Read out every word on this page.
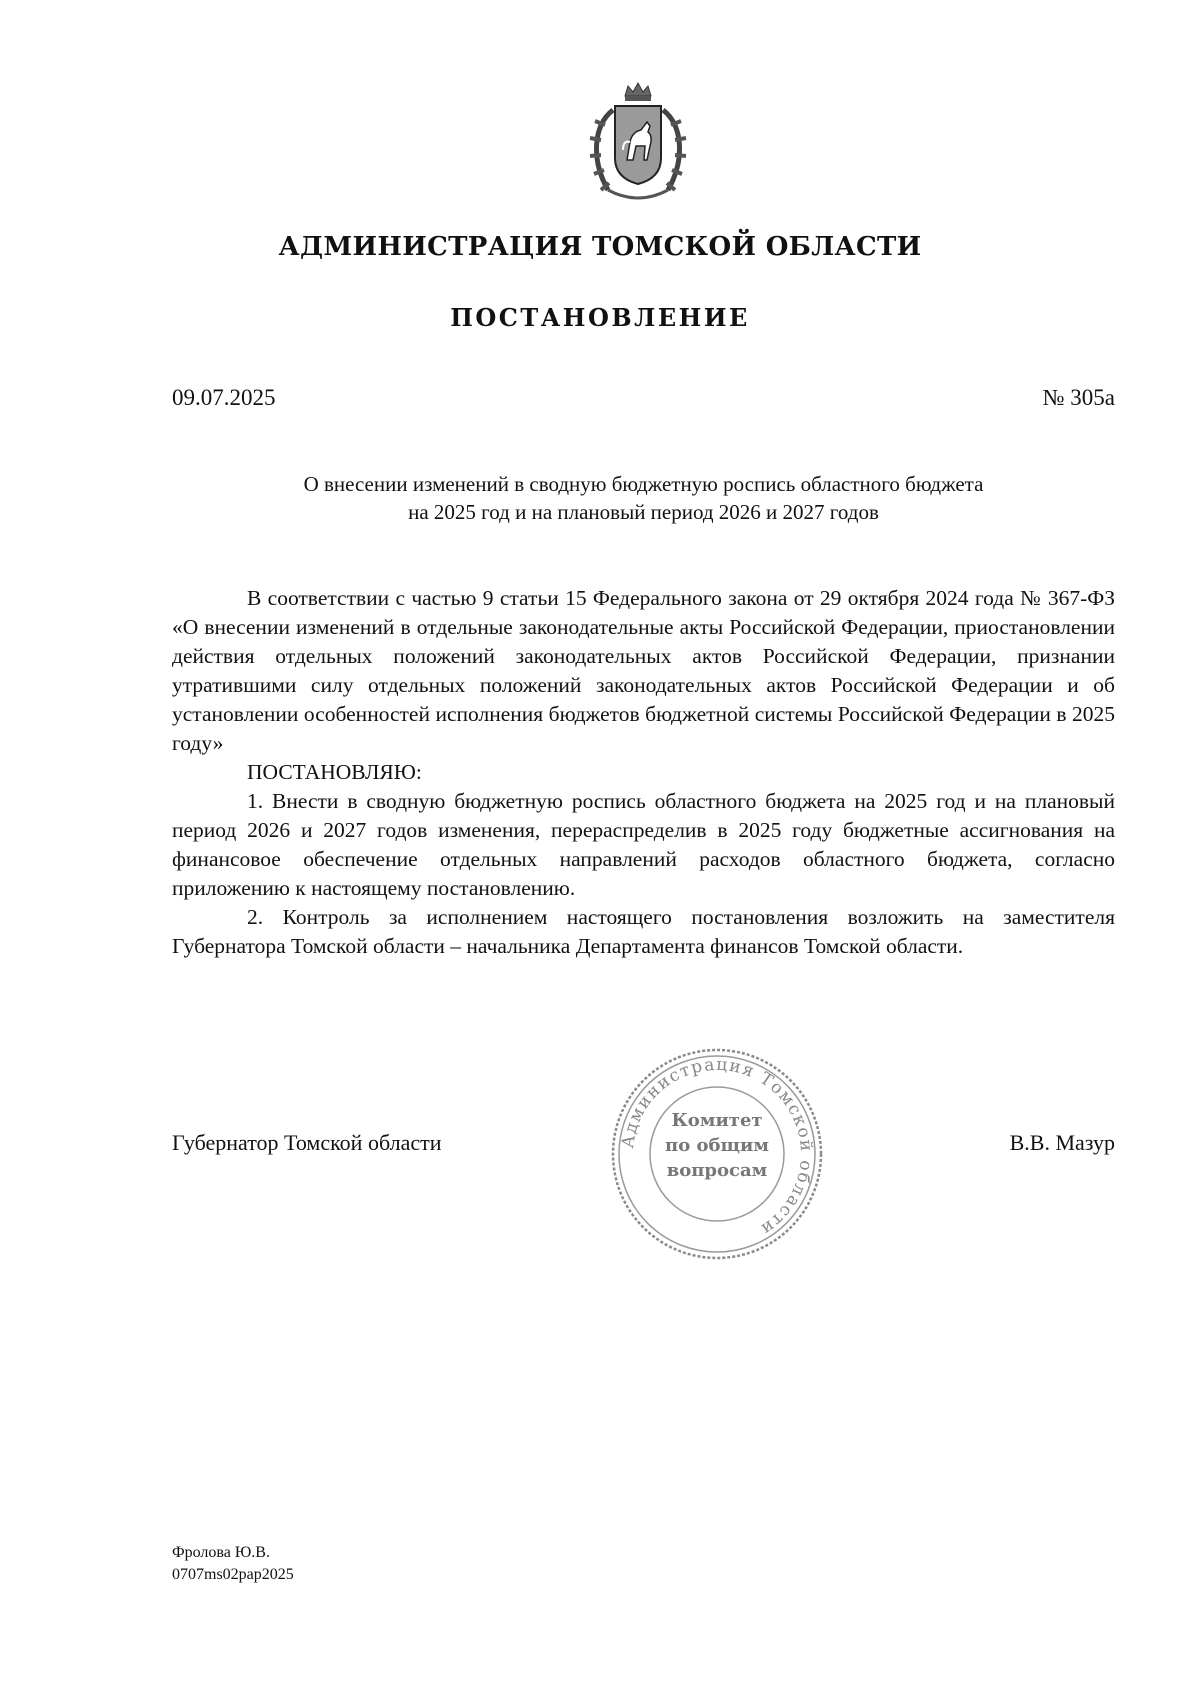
АДМИНИСТРАЦИЯ ТОМСКОЙ ОБЛАСТИ
ПОСТАНОВЛЕНИЕ
09.07.2025	№ 305а
О внесении изменений в сводную бюджетную роспись областного бюджета
на 2025 год и на плановый период 2026 и 2027 годов

В соответствии с частью 9 статьи 15 Федерального закона от 29 октября 2024 года № 367-ФЗ «О внесении изменений в отдельные законодательные акты Российской Федерации, приостановлении действия отдельных положений законодательных актов Российской Федерации, признании утратившими силу отдельных положений законодательных актов Российской Федерации и об установлении особенностей исполнения бюджетов бюджетной системы Российской Федерации в 2025 году»

ПОСТАНОВЛЯЮ:

1. Внести в сводную бюджетную роспись областного бюджета на 2025 год и на плановый период 2026 и 2027 годов изменения, перераспределив в 2025 году бюджетные ассигнования на финансовое обеспечение отдельных направлений расходов областного бюджета, согласно приложению к настоящему постановлению.

2. Контроль за исполнением настоящего постановления возложить на заместителя Губернатора Томской области – начальника Департамента финансов Томской области.

Губернатор Томской области	В.В. Мазур
Администрация Томской области
Комитет
по общим
вопросам
Фролова Ю.В.
0707ms02pap2025
